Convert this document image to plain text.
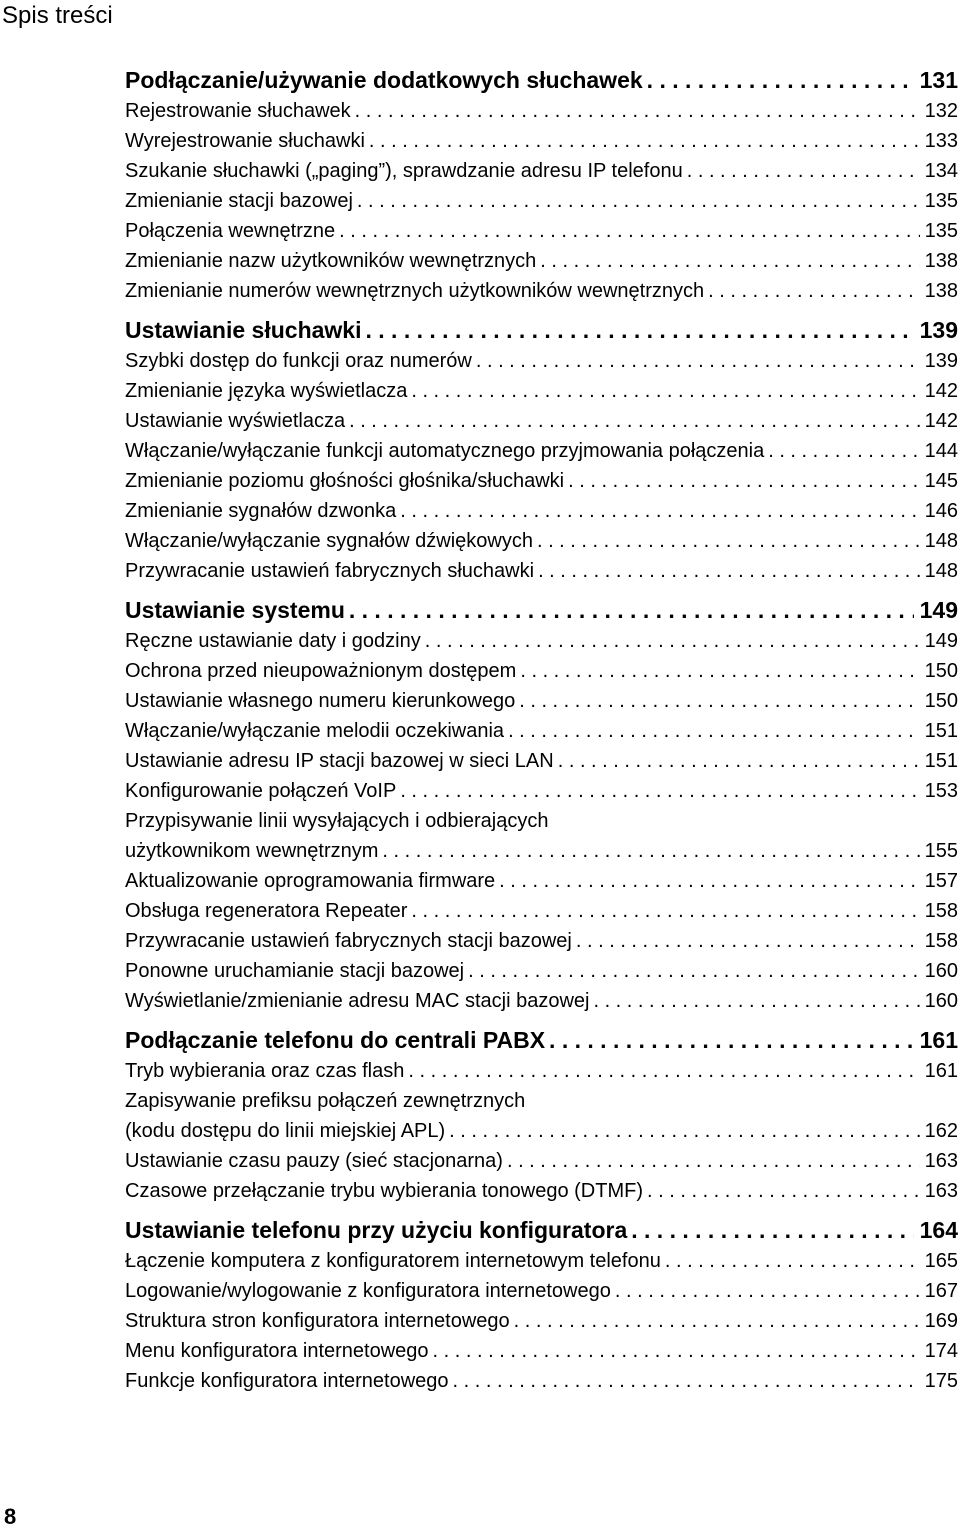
Spis treści
Podłączanie/używanie dodatkowych słuchawek . . .	131
Rejestrowanie słuchawek . . .	132
Wyrejestrowanie słuchawki . . .	133
Szukanie słuchawki („paging”), sprawdzanie adresu IP telefonu . . .	134
Zmienianie stacji bazowej . . .	135
Połączenia wewnętrzne . . .	135
Zmienianie nazw użytkowników wewnętrznych . . .	138
Zmienianie numerów wewnętrznych użytkowników wewnętrznych . . .	138
Ustawianie słuchawki . . .	139
Szybki dostęp do funkcji oraz numerów . . .	139
Zmienianie języka wyświetlacza . . .	142
Ustawianie wyświetlacza . . .	142
Włączanie/wyłączanie funkcji automatycznego przyjmowania połączenia . . .	144
Zmienianie poziomu głośności głośnika/słuchawki . . .	145
Zmienianie sygnałów dzwonka . . .	146
Włączanie/wyłączanie sygnałów dźwiękowych . . .	148
Przywracanie ustawień fabrycznych słuchawki . . .	148
Ustawianie systemu . . .	149
Ręczne ustawianie daty i godziny . . .	149
Ochrona przed nieupoważnionym dostępem . . .	150
Ustawianie własnego numeru kierunkowego . . .	150
Włączanie/wyłączanie melodii oczekiwania . . .	151
Ustawianie adresu IP stacji bazowej w sieci LAN . . .	151
Konfigurowanie połączeń VoIP . . .	153
Przypisywanie linii wysyłających i odbierających
użytkownikom wewnętrznym . . .	155
Aktualizowanie oprogramowania firmware . . .	157
Obsługa regeneratora Repeater . . .	158
Przywracanie ustawień fabrycznych stacji bazowej . . .	158
Ponowne uruchamianie stacji bazowej . . .	160
Wyświetlanie/zmienianie adresu MAC stacji bazowej . . .	160
Podłączanie telefonu do centrali PABX . . .	161
Tryb wybierania oraz czas flash . . .	161
Zapisywanie prefiksu połączeń zewnętrznych
(kodu dostępu do linii miejskiej APL) . . .	162
Ustawianie czasu pauzy (sieć stacjonarna) . . .	163
Czasowe przełączanie trybu wybierania tonowego (DTMF) . . .	163
Ustawianie telefonu przy użyciu konfiguratora . . .	164
Łączenie komputera z konfiguratorem internetowym telefonu . . .	165
Logowanie/wylogowanie z konfiguratora internetowego . . .	167
Struktura stron konfiguratora internetowego . . .	169
Menu konfiguratora internetowego . . .	174
Funkcje konfiguratora internetowego . . .	175
8
